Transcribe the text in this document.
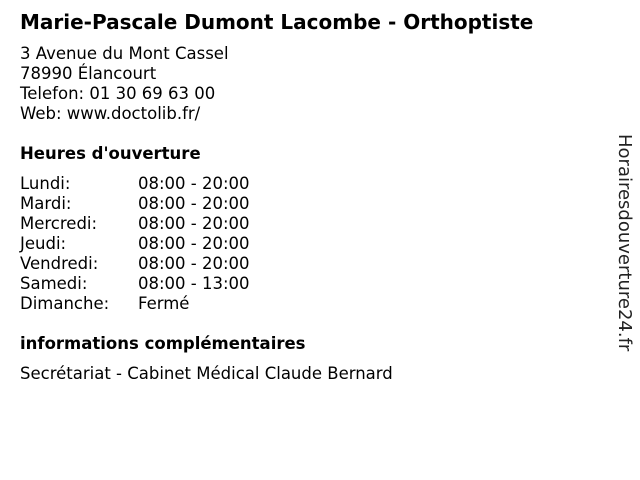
Marie-Pascale Dumont Lacombe - Orthoptiste
3 Avenue du Mont Cassel
78990 Élancourt
Telefon: 01 30 69 63 00
Web: www.doctolib.fr/
Heures d'ouverture
Lundi:	08:00 - 20:00
Mardi:	08:00 - 20:00
Mercredi:	08:00 - 20:00
Jeudi:	08:00 - 20:00
Vendredi:	08:00 - 20:00
Samedi:	08:00 - 13:00
Dimanche:	Fermé
informations complémentaires
Secrétariat - Cabinet Médical Claude Bernard
Horairesdouverture24.fr
